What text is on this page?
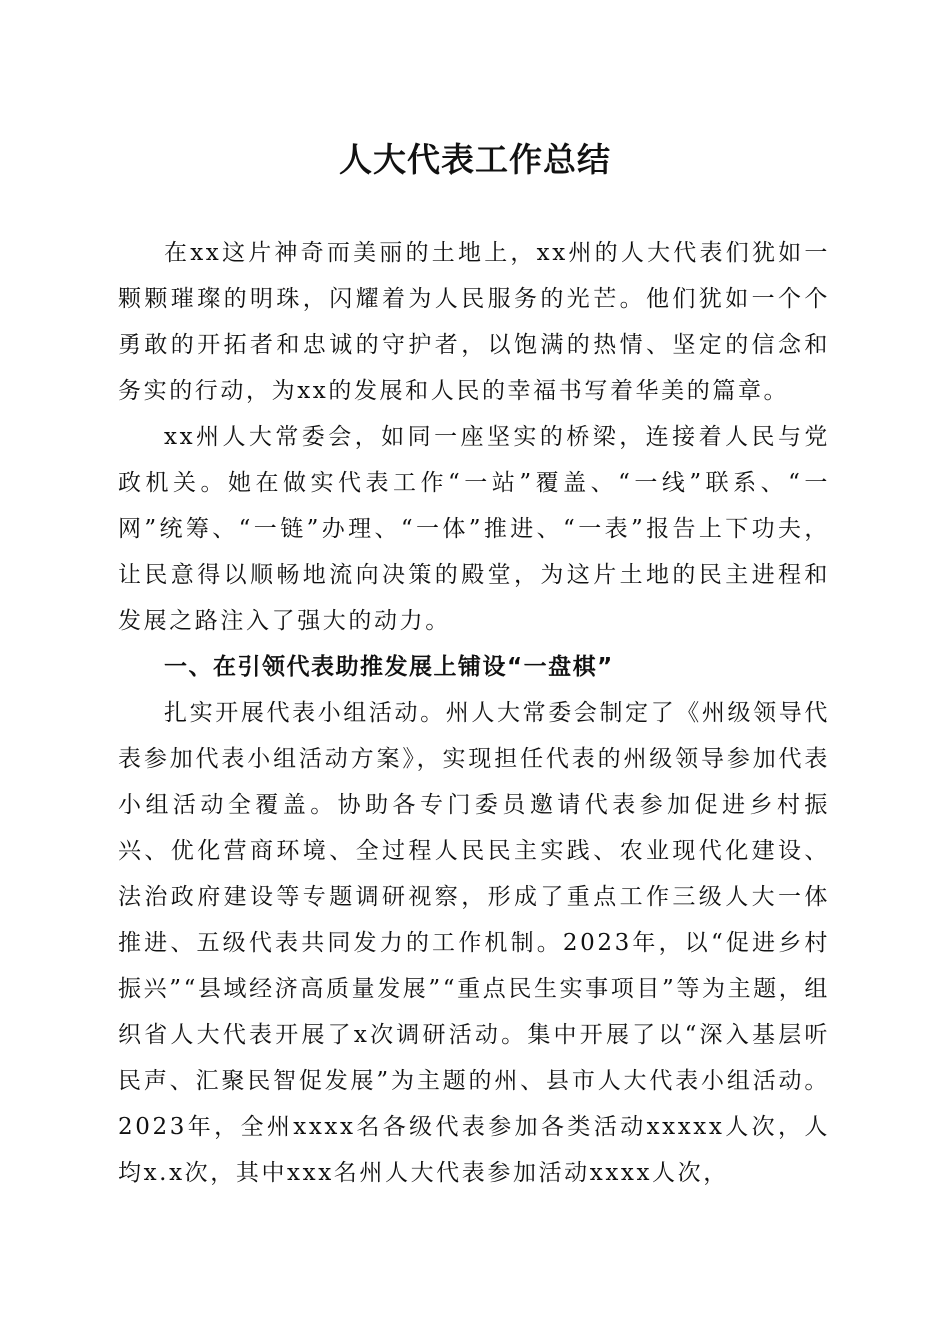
人大代表工作总结

在xx这片神奇而美丽的土地上，xx州的人大代表们犹如一颗颗璀璨的明珠，闪耀着为人民服务的光芒。他们犹如一个个勇敢的开拓者和忠诚的守护者，以饱满的热情、坚定的信念和务实的行动，为xx的发展和人民的幸福书写着华美的篇章。

xx州人大常委会，如同一座坚实的桥梁，连接着人民与党政机关。她在做实代表工作“一站”覆盖、“一线”联系、“一网”统筹、“一链”办理、“一体”推进、“一表”报告上下功夫，让民意得以顺畅地流向决策的殿堂，为这片土地的民主进程和发展之路注入了强大的动力。

一、在引领代表助推发展上铺设“一盘棋”

扎实开展代表小组活动。州人大常委会制定了《州级领导代表参加代表小组活动方案》，实现担任代表的州级领导参加代表小组活动全覆盖。协助各专门委员邀请代表参加促进乡村振兴、优化营商环境、全过程人民民主实践、农业现代化建设、法治政府建设等专题调研视察，形成了重点工作三级人大一体推进、五级代表共同发力的工作机制。2023年，以“促进乡村振兴”“县域经济高质量发展”“重点民生实事项目”等为主题，组织省人大代表开展了x次调研活动。集中开展了以“深入基层听民声、汇聚民智促发展”为主题的州、县市人大代表小组活动。2023年，全州xxxx名各级代表参加各类活动xxxxx人次，人均x.x次，其中xxx名州人大代表参加活动xxxx人次，
